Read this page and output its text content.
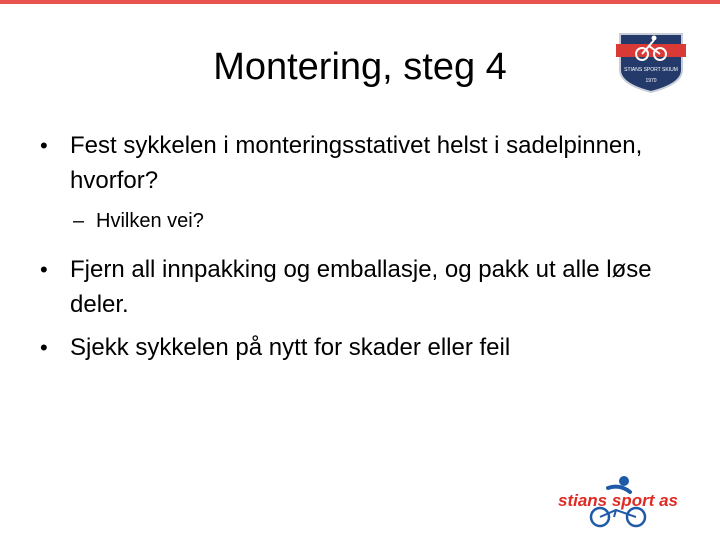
Montering, steg 4	STIANS SPORT SKIUM
1970
• Fest sykkelen i monteringsstativet helst i sadelpinnen, hvorfor?
– Hvilken vei?
• Fjern all innpakking og emballasje, og pakk ut alle løse deler.
• Sjekk sykkelen på nytt for skader eller feil
stians sport as
